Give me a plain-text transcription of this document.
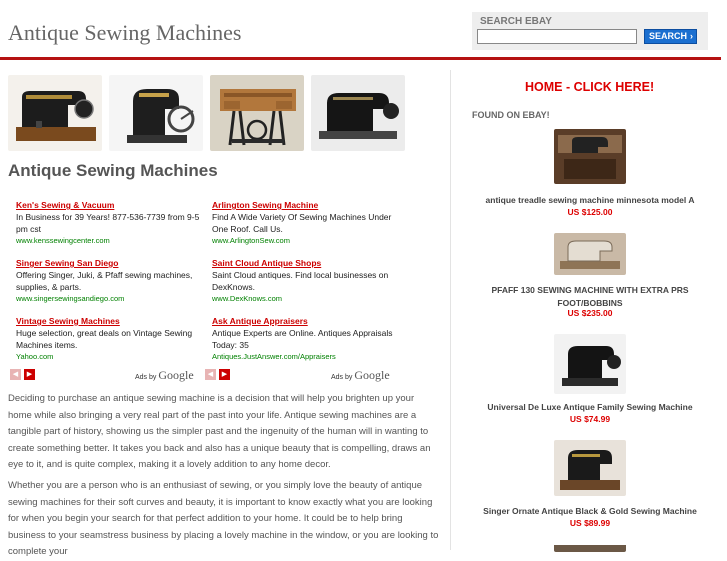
Antique Sewing Machines	SEARCH EBAY
SEARCH ›
Antique Sewing Machines
Ken's Sewing & Vacuum
In Business for 39 Years! 877-536-7739 from 9-5 pm cst
www.kenssewingcenter.com
Arlington Sewing Machine
Find A Wide Variety Of Sewing Machines Under One Roof. Call Us.
www.ArlingtonSew.com
Singer Sewing San Diego
Offering Singer, Juki, & Pfaff sewing machines, supplies, & parts.
www.singersewingsandiego.com
Saint Cloud Antique Shops
Saint Cloud antiques. Find local businesses on DexKnows.
www.DexKnows.com
Vintage Sewing Machines
Huge selection, great deals on Vintage Sewing Machines items.
Yahoo.com
Ask Antique Appraisers
Antique Experts are Online. Antiques Appraisals Today: 35
Antiques.JustAnswer.com/Appraisers
◀	▶	Ads by Google	◀	▶	Ads by Google
Deciding to purchase an antique sewing machine is a decision that will help you brighten up your home while also bringing a very real part of the past into your life. Antique sewing machines are a tangible part of history, showing us the simpler past and the ingenuity of the human will in wanting to create something better. It takes you back and also has a unique beauty that is compelling, draws an eye to it, and is quite complex, making it a lovely addition to any home decor.
Whether you are a person who is an enthusiast of sewing, or you simply love the beauty of antique sewing machines for their soft curves and beauty, it is important to know exactly what you are looking for when you begin your search for that perfect addition to your home. It could be to help bring business to your seamstress business by placing a lovely machine in the window, or you are looking to complete your
HOME - CLICK HERE!
FOUND ON EBAY!
antique treadle sewing machine minnesota model A
US $125.00
PFAFF 130 SEWING MACHINE WITH EXTRA PRS FOOT/BOBBINS
US $235.00
Universal De Luxe Antique Family Sewing Machine
US $74.99
Singer Ornate Antique Black & Gold Sewing Machine
US $89.99
